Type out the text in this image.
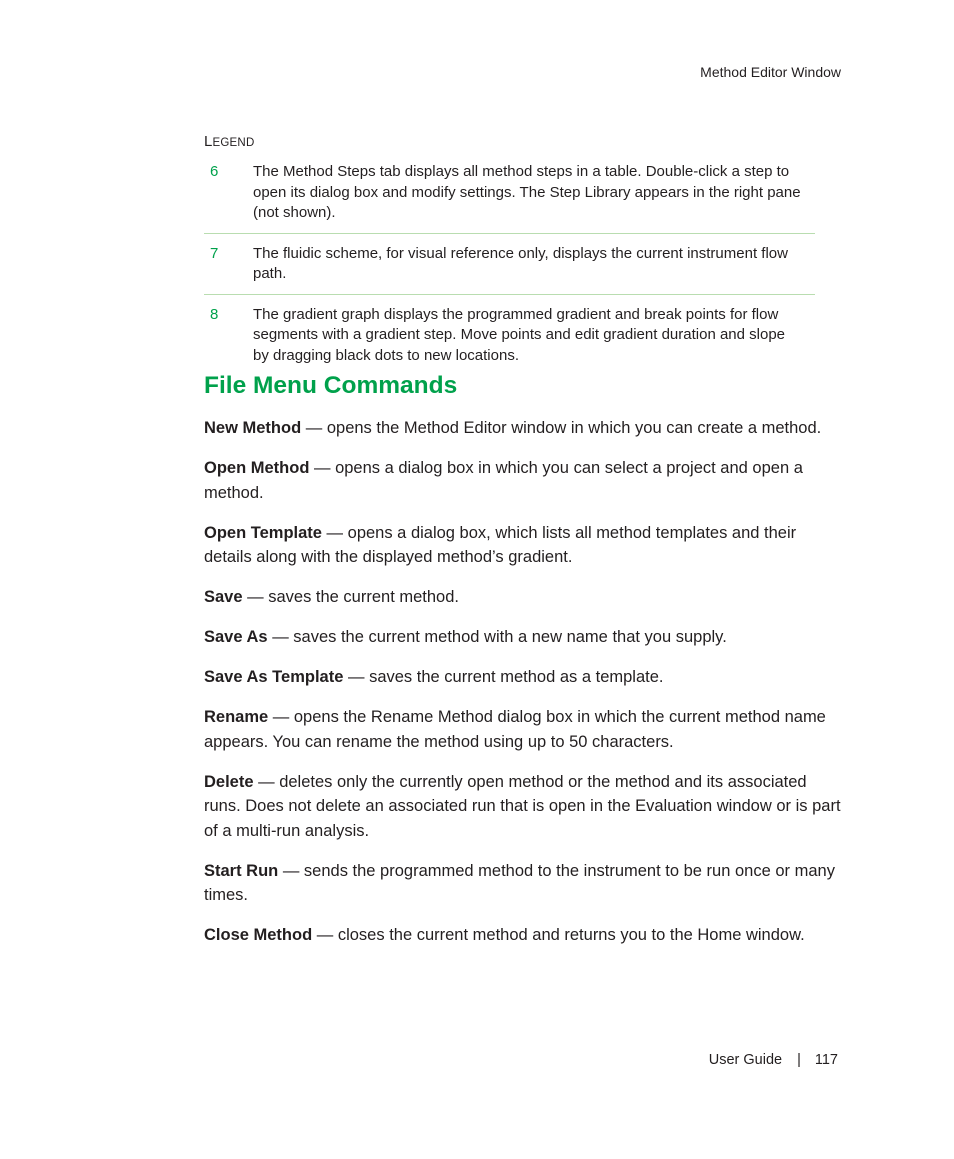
Method Editor Window
LEGEND
6	The Method Steps tab displays all method steps in a table. Double-click a step to open its dialog box and modify settings. The Step Library appears in the right pane (not shown).
7	The fluidic scheme, for visual reference only, displays the current instrument flow path.
8	The gradient graph displays the programmed gradient and break points for flow segments with a gradient step. Move points and edit gradient duration and slope by dragging black dots to new locations.
File Menu Commands

New Method — opens the Method Editor window in which you can create a method.

Open Method — opens a dialog box in which you can select a project and open a method.

Open Template — opens a dialog box, which lists all method templates and their details along with the displayed method’s gradient.

Save — saves the current method.

Save As — saves the current method with a new name that you supply.

Save As Template — saves the current method as a template.

Rename — opens the Rename Method dialog box in which the current method name appears. You can rename the method using up to 50 characters.

Delete — deletes only the currently open method or the method and its associated runs. Does not delete an associated run that is open in the Evaluation window or is part of a multi-run analysis.

Start Run — sends the programmed method to the instrument to be run once or many times.

Close Method — closes the current method and returns you to the Home window.

User Guide | 117
